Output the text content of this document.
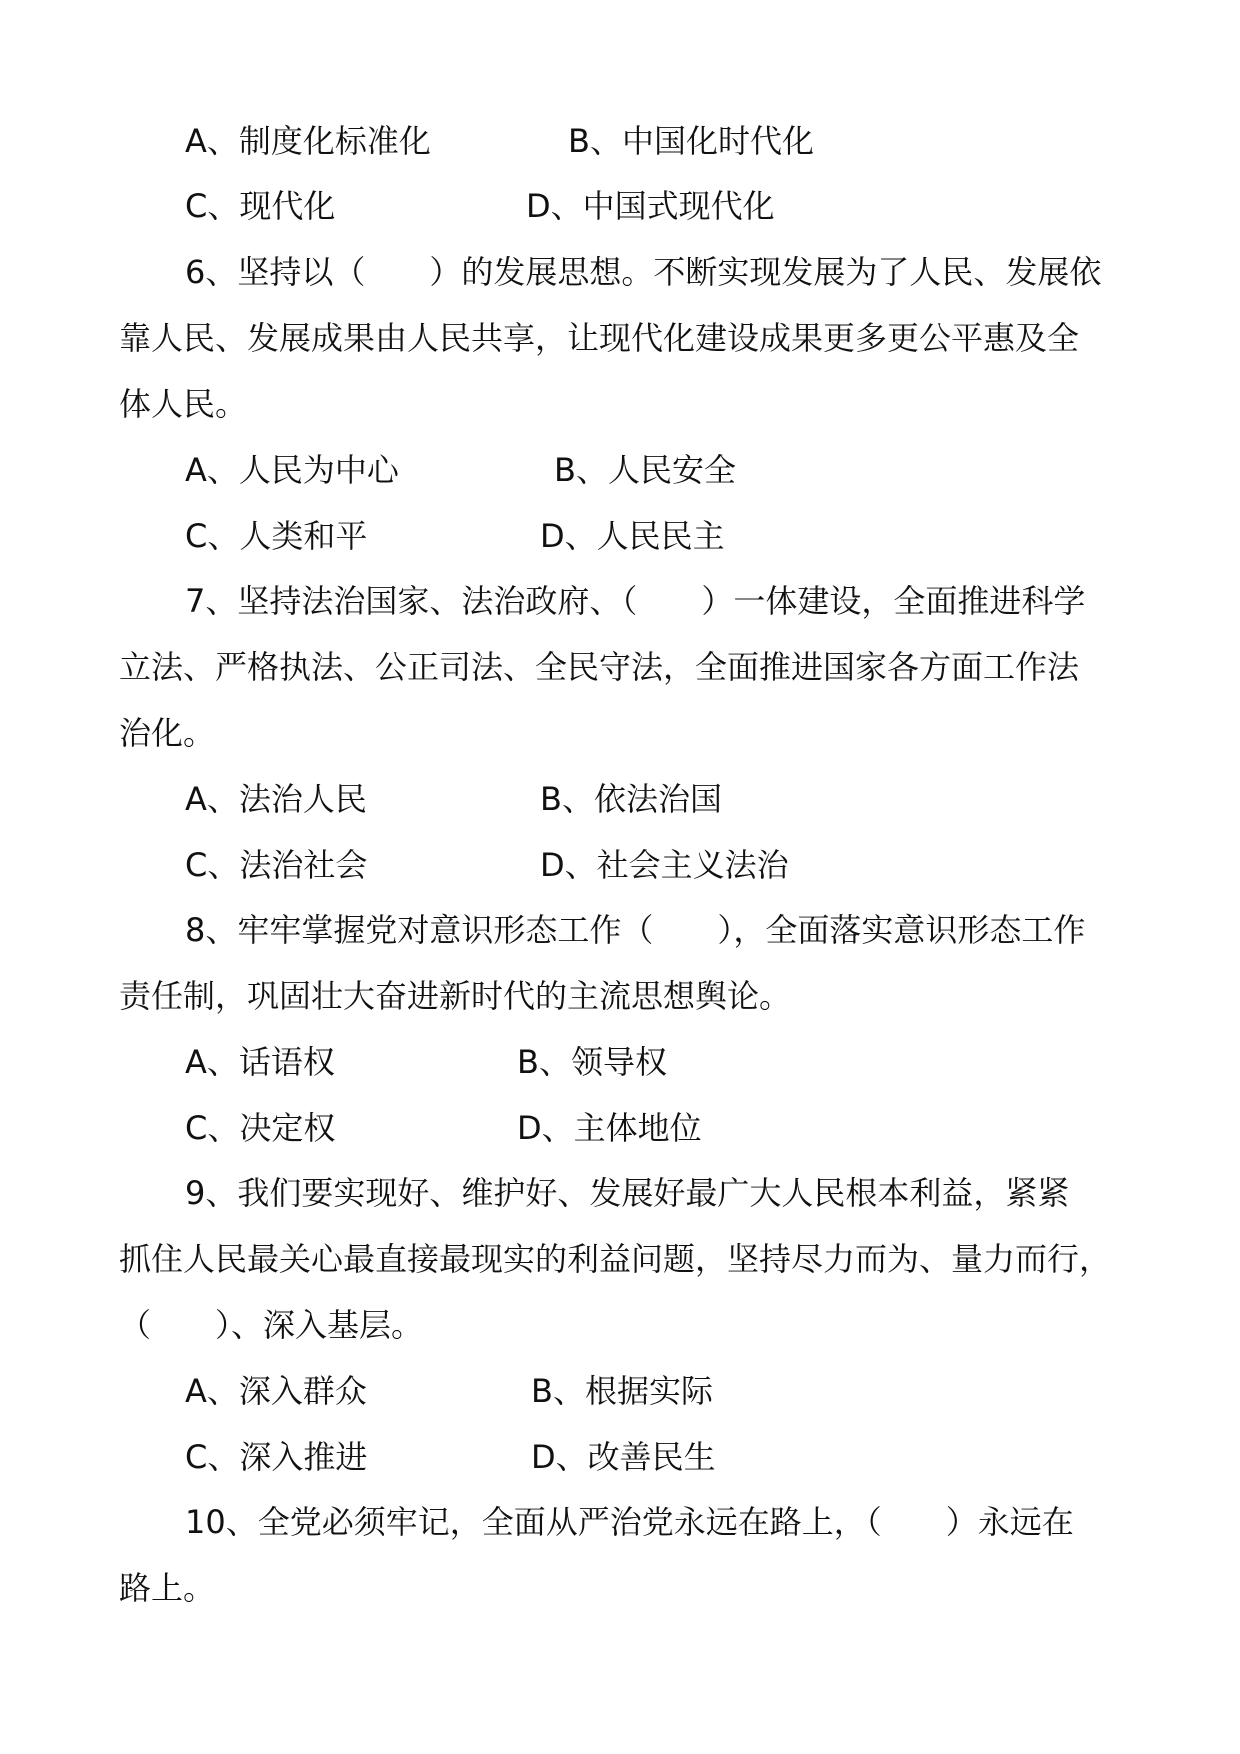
A、制度化标准化	B、中国化时代化
C、现代化	D、中国式现代化
6、坚持以（　　）的发展思想。不断实现发展为了人民、发展依
靠人民、发展成果由人民共享，让现代化建设成果更多更公平惠及全
体人民。
A、人民为中心	B、人民安全
C、人类和平	D、人民民主
7、坚持法治国家、法治政府、（　　）一体建设，全面推进科学
立法、严格执法、公正司法、全民守法，全面推进国家各方面工作法
治化。
A、法治人民	B、依法治国
C、法治社会	D、社会主义法治
8、牢牢掌握党对意识形态工作（　　），全面落实意识形态工作
责任制，巩固壮大奋进新时代的主流思想舆论。
A、话语权	B、领导权
C、决定权	D、主体地位
9、我们要实现好、维护好、发展好最广大人民根本利益，紧紧
抓住人民最关心最直接最现实的利益问题，坚持尽力而为、量力而行，
（　　）、深入基层。
A、深入群众	B、根据实际
C、深入推进	D、改善民生
10、全党必须牢记，全面从严治党永远在路上，（　　）永远在
路上。
